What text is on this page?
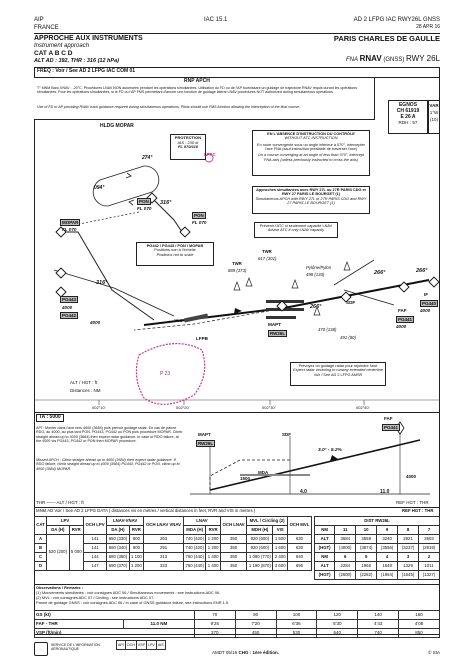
AIP
FRANCE
IAC 15.1	AD 2 LFPG IAC RWY26L GNSS
28 APR 16
APPROCHE AUX INSTRUMENTS
Instrument approach
CAT A B C D
ALT AD : 392, THR : 316 (12 hPa)
PARIS CHARLES DE GAULLE
FNA RNAV (GNSS) RWY 26L
FREQ : Voir / See AD 2 LFPG IAC COM 01
RNP APCH
T° MNM Baro-VNAV : -20°C. Procédures LNAV NON autorisées pendant les opérations simultanées. Utilisation du FD ou de l'AP fournissant un guidage de trajectoire RNAV requis durant les opérations simultanées. Pour les opérations simultanées, si le FD ou l'AP FMS permettant d'ancrer une fonction de guidage latéral LNAV procédures NOT authorized during simultaneous operations.
Use of FD or AP providing RNAV track guidance required during simultaneous operations. Pilots should use FMS function allowing the interception of the final course.	EGNOS
CH 61919
E 26 A
RDH : 57
VAR
1°W
(10)
HLDG MOPAR
PROTECTION
IAS : 230 kt
FL 070/110
274°
094°
LFPC
MOPAR
FL 070
PON
FL 070
PON
FL 070
PG443
4000
PG442
4000
PG441
4000
PG440
4000
MAPT
RW26L
SDF
FAF
IF
LFPB
TWR
889 (373)
TWR
617 (301)
Pylône/Pylon
498 (130)
470 (138)
491 (80)
316°
316°
266°	266°
266°
← 15.1
P 23
EN L'ABSENCE D'INSTRUCTION DU CONTRÔLE
WITHOUT ATC INSTRUCTION
En route convergente sous un angle inférieur à 070°, intercepter l'axe FNA (sauf instruction préalable de traverser l'axe)
On a course converging at an angle of less than 070°, intercept FNA axis (unless previously instructed to cross the axis)
Approches simultanées avec RWY 27L ou 27R PARIS CDG et RWY 27 PARIS LE BOURGET (1)
Simultaneous APCH with RWY 27L or 27R PARIS CDG and RWY 27 PARIS LE BOURGET (1)
Prévenir l'ATC si seulement capacité LNAV
Advise ATC if only LNAV capacity
PG442 / PG443 / PON / MOPAR
Positions non à l'échelle
Positions not to scale
Prévoyez un guidage radar pour rejoindre l'axe
Expect radar vectoring to runway extended centerline
Voir / See AD 2 LFPG AMSR
ALT / HGT : ft
Distances : NM
002°10'	002°20'	002°30'	002°40'
TA : 5000
API : Monter dans l'axe vers 4000 (3684) puis prévoir guidage radar. En cas de panne RDO, au 4000, au plus tard PON, PG443, PG442 ou PON puis procédure MOPAR. Climb straight ahead up to 4000 (3684) then expect radar guidance. In case of RDO failure, at the 4000 via PG443, PG442 or PON then MOPAR procedure.
Missed APCH : Climb straight ahead up to 4000 (3684) then expect radar guidance. If RDO failure, climb straight ahead up to 4000 (3684) PG443, PG442 or PON, climb up to 4000 (3684) MOPAR.
MAPT
RW26L
SDF
FAF
PG441
MDA
3.0° - 5.2%
1500	4000
4.0	11.0
THR —— ALT / HGT : ft	REF HGT : THR
MNM AD Voir / See AD 2 LFPG DATA ( distances vis en mètres / vertical distances in feet, RVR and VIS in metres )	REF HGT : THR
CAT	LPV		OCH LPV	LNAV-VNAV		OCH LNAV VNAV	LNAV		OCH LNAV	MVL / Circling (2)		OCH MVL
	DA (H)	RVR		DA (H)	RVR		MDA (H)	RVR		MDH (H)	VIS	
A	520 (200)	5 000	141	650 (330)	800	263	740 (420)	1 200	350	920 (600)	1 500	630
B			141	660 (340)	900	291	740 (420)	1 200	350	920 (600)	1 600	630
C			144	680 (360)	1 100	313	760 (440)	1 400	350	1 090 (770)	2 400	640
D			147	690 (370)	1 200	323	760 (440)	1 400	350	1 190 (870)	3 600	695
DIST RW26L					
NM	11	10	9	8	7
ALT	3684	3558	3240	2921	2603
(HGT)	(4000)	(3874)	(3556)	(3237)	(2919)
NM	6	5	4	3	2
ALT	2284	1966	1648	1329	1011
(HGT)	(2600)	(2282)	(1964)	(1645)	(1327)
Observations / Remarks :
(1) Mouvements simultanés : voir consignes ADC 06 / Simultaneous movements : see instructions ADC 06.
(2) MVL : voir consignes ADC 07 / Circling : see instructions ADC 07.
Panne de guidage GNSS : voir consignes ADC 06 / In case of GNSS guidance failure, see instructions ENR 1.5.
GS (kt)		70	90	100	120	140	160
FAF - THR	11.0 NM	9'26	7'20	6'36	5'30	4'43	4'08
VSP (ft/min)		370	450	530	640	740	850
SERVICE DE L'INFORMATION AÉRONAUTIQUE
API	OCH	VSP	LPV	IAS
AMDT 05/16 CHG : 1ère édition.	© SIA
